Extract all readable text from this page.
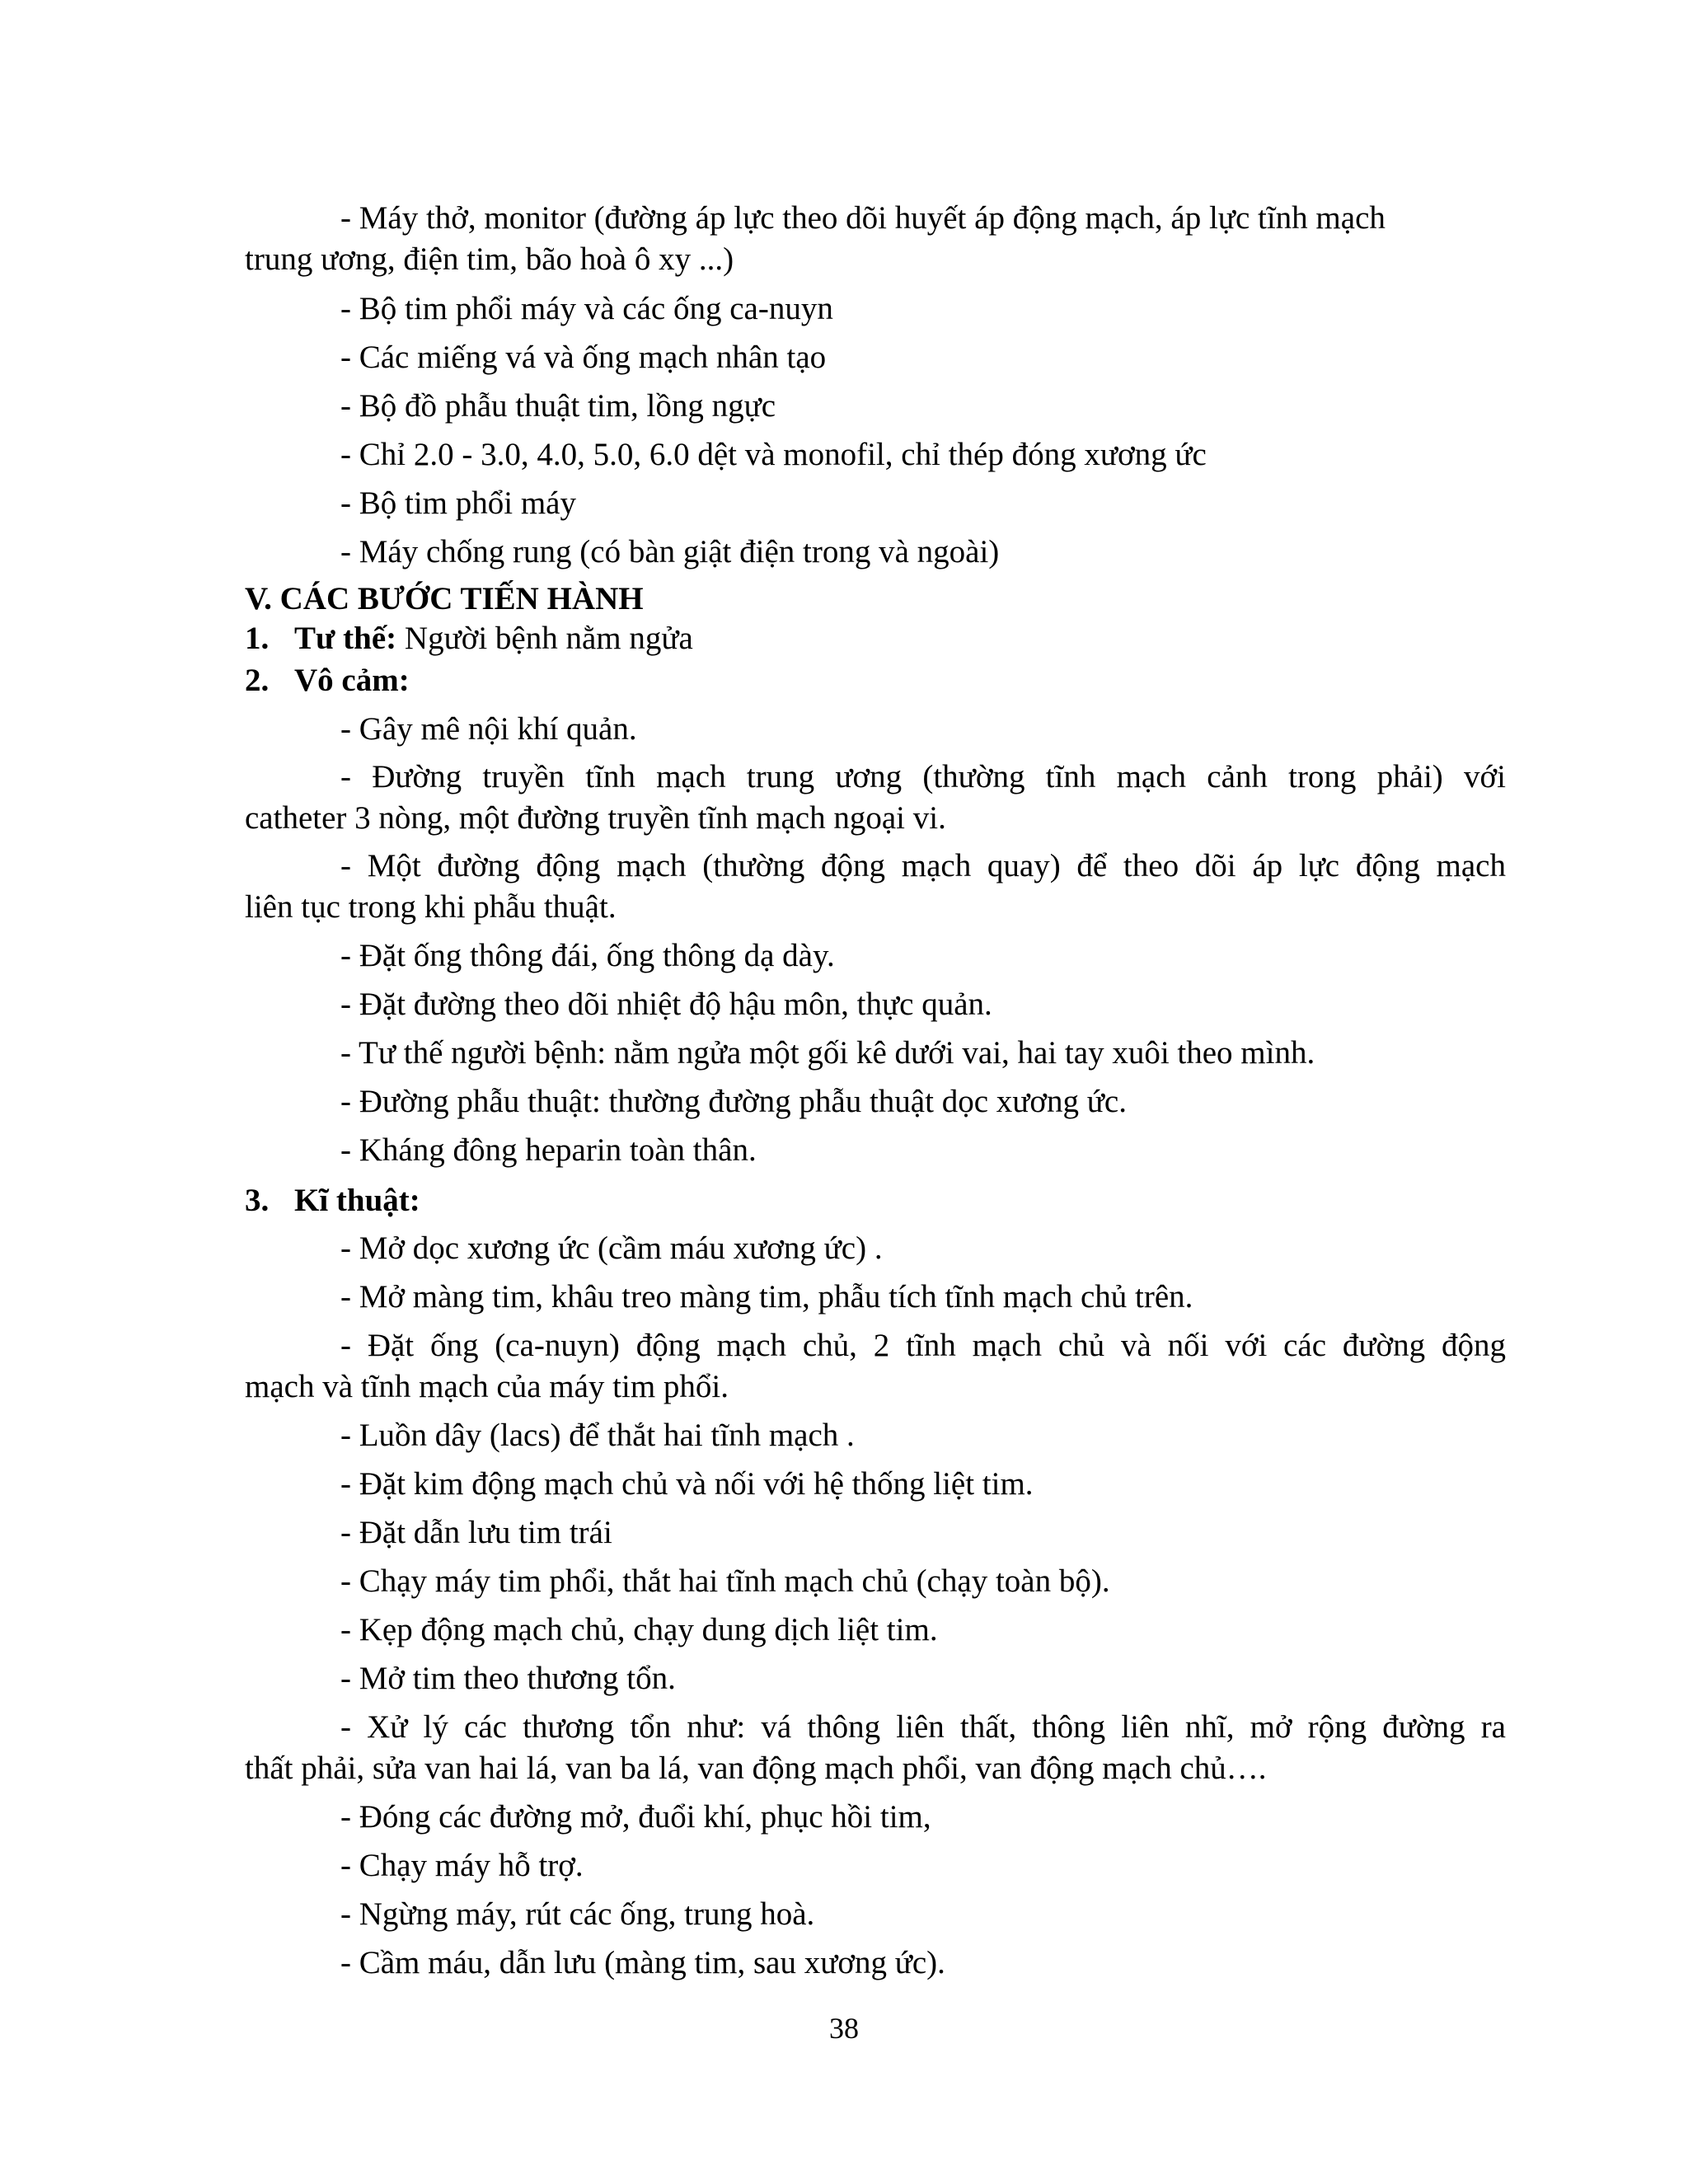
- Máy thở, monitor (đường áp lực theo dõi huyết áp động mạch, áp lực tĩnh mạch
trung ương, điện tim, bão hoà ô xy ...)
- Bộ tim phổi máy và các ống ca-nuyn
- Các miếng vá và ống mạch nhân tạo
- Bộ đồ phẫu thuật tim, lồng ngực
- Chỉ 2.0 - 3.0, 4.0, 5.0, 6.0 dệt và monofil, chỉ thép đóng xương ức
- Bộ tim phổi máy
- Máy chống rung (có bàn giật điện trong và ngoài)
V. CÁC BƯỚC TIẾN HÀNH
1. Tư thế: Người bệnh nằm ngửa
2. Vô cảm:
- Gây mê nội khí quản.
- Đường truyền tĩnh mạch trung ương (thường tĩnh mạch cảnh trong phải) với
catheter 3 nòng, một đường truyền tĩnh mạch ngoại vi.
- Một đường động mạch (thường động mạch quay) để theo dõi áp lực động mạch
liên tục trong khi phẫu thuật.
- Đặt ống thông đái, ống thông dạ dày.
- Đặt đường theo dõi nhiệt độ hậu môn, thực quản.
- Tư thế người bệnh: nằm ngửa một gối kê dưới vai, hai tay xuôi theo mình.
- Đường phẫu thuật: thường đường phẫu thuật dọc xương ức.
- Kháng đông heparin toàn thân.
3. Kĩ thuật:
- Mở dọc xương ức (cầm máu xương ức) .
- Mở màng tim, khâu treo màng tim, phẫu tích tĩnh mạch chủ trên.
- Đặt ống (ca-nuyn) động mạch chủ, 2 tĩnh mạch chủ và nối với các đường động
mạch và tĩnh mạch của máy tim phổi.
- Luồn dây (lacs) để thắt hai tĩnh mạch .
- Đặt kim động mạch chủ và nối với hệ thống liệt tim.
- Đặt dẫn lưu tim trái
- Chạy máy tim phổi, thắt hai tĩnh mạch chủ (chạy toàn bộ).
- Kẹp động mạch chủ, chạy dung dịch liệt tim.
- Mở tim theo thương tổn.
- Xử lý các thương tổn như: vá thông liên thất, thông liên nhĩ, mở rộng đường ra
thất phải, sửa van hai lá, van ba lá, van động mạch phổi, van động mạch chủ….
- Đóng các đường mở, đuổi khí, phục hồi tim,
- Chạy máy hỗ trợ.
- Ngừng máy, rút các ống, trung hoà.
- Cầm máu, dẫn lưu (màng tim, sau xương ức).
38
